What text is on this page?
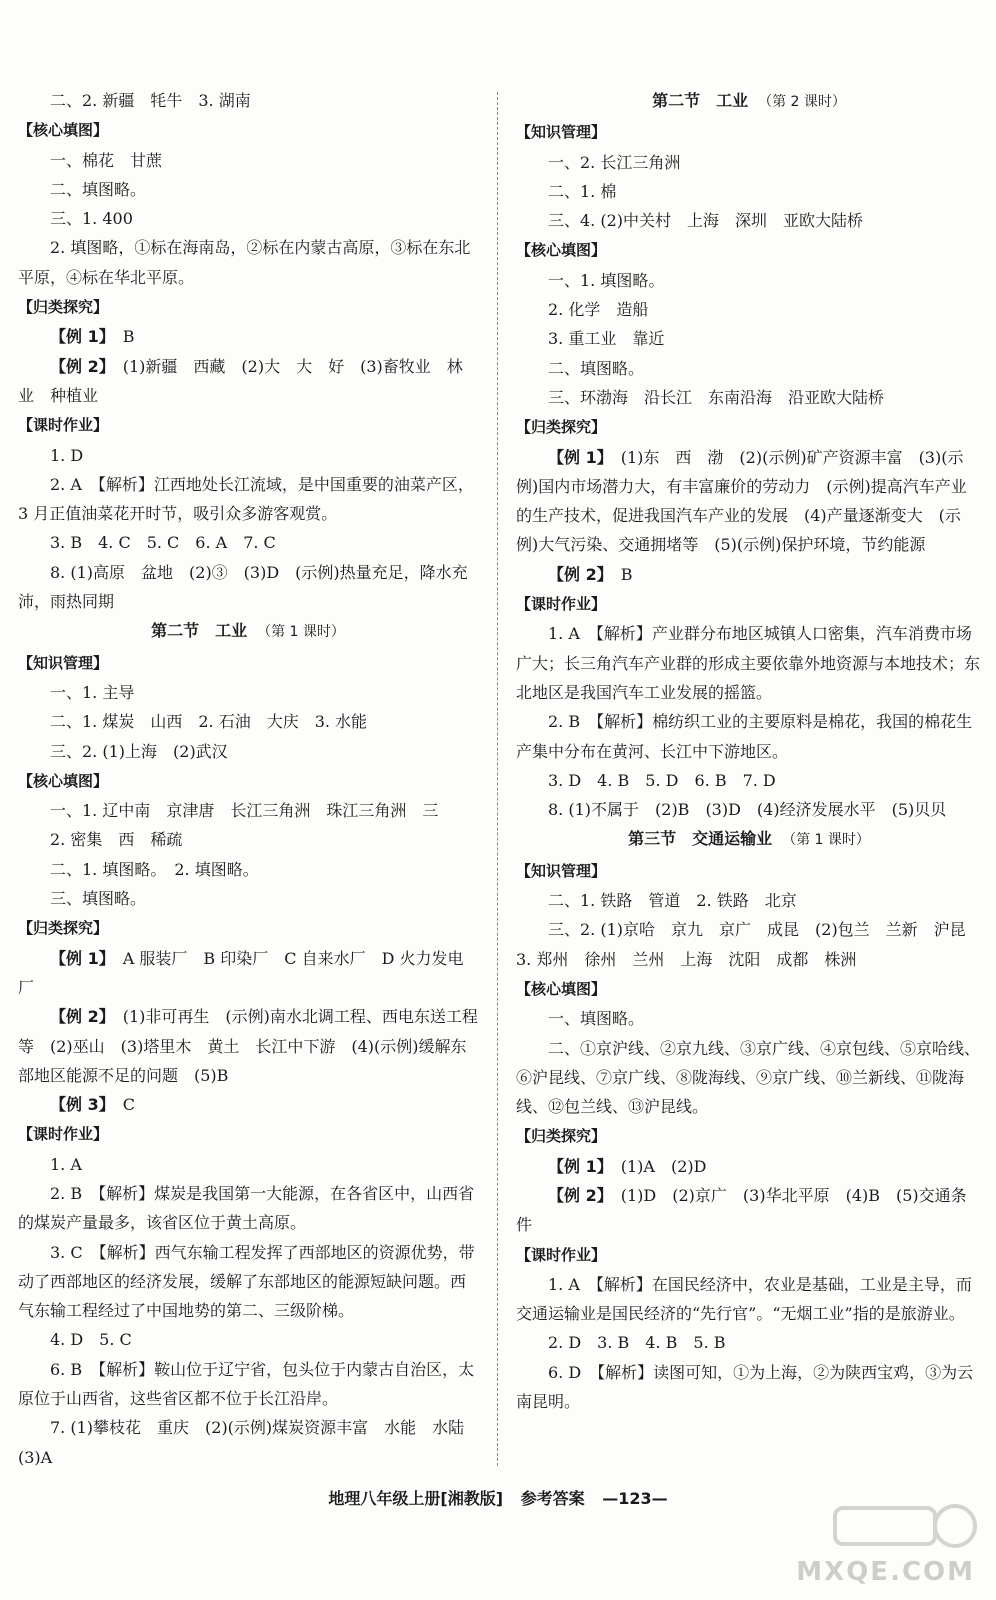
二、2. 新疆　牦牛　3. 湖南
【 核心填图 】
一、棉花　甘蔗
二、填图略。
三、1. 400
2. 填图略，①标在海南岛，②标在内蒙古高原，③标在东北平原，④标在华北平原。
【 归类探究 】
【 例 1 】　B
【 例 2 】　(1)新疆　西藏　(2)大　大　好　(3)畜牧业　林业　种植业
【 课时作业 】
1. D
2. A　【解析】江西地处长江流域，是中国重要的油菜产区，3 月正值油菜花开时节，吸引众多游客观赏。
3. B　4. C　5. C　6. A　7. C
8. (1)高原　盆地　(2)③　(3)D　(示例)热量充足，降水充沛，雨热同期
第二节　工业 （第 1 课时）
【 知识管理 】
一、1. 主导
二、1. 煤炭　山西　2. 石油　大庆　3. 水能
三、2. (1)上海　(2)武汉
【 核心填图 】
一、1. 辽中南　京津唐　长江三角洲　珠江三角洲　三
2. 密集　西　稀疏
二、1. 填图略。　2. 填图略。
三、填图略。
【 归类探究 】
【 例 1 】　A 服装厂　B 印染厂　C 自来水厂　D 火力发电厂
【 例 2 】　(1)非可再生　(示例)南水北调工程、西电东送工程等　(2)巫山　(3)塔里木　黄土　长江中下游　(4)(示例)缓解东部地区能源不足的问题　(5)B
【 例 3 】　C
【 课时作业 】
1. A
2. B　【解析】煤炭是我国第一大能源，在各省区中，山西省的煤炭产量最多，该省区位于黄土高原。
3. C　【解析】西气东输工程发挥了西部地区的资源优势，带动了西部地区的经济发展，缓解了东部地区的能源短缺问题。西气东输工程经过了中国地势的第二、三级阶梯。
4. D　5. C
6. B　【解析】鞍山位于辽宁省，包头位于内蒙古自治区，太原位于山西省，这些省区都不位于长江沿岸。
7. (1)攀枝花　重庆　(2)(示例)煤炭资源丰富　水能　水陆　(3)A
第二节　工业 （第 2 课时）
【 知识管理 】
一、2. 长江三角洲
二、1. 棉
三、4. (2)中关村　上海　深圳　亚欧大陆桥
【 核心填图 】
一、1. 填图略。
2. 化学　造船
3. 重工业　靠近
二、填图略。
三、环渤海　沿长江　东南沿海　沿亚欧大陆桥
【 归类探究 】
【 例 1 】　(1)东　西　渤　(2)(示例)矿产资源丰富　(3)(示例)国内市场潜力大，有丰富廉价的劳动力　(示例)提高汽车产业的生产技术，促进我国汽车产业的发展　(4)产量逐渐变大　(示例)大气污染、交通拥堵等　(5)(示例)保护环境，节约能源
【 例 2 】　B
【 课时作业 】
1. A　【解析】产业群分布地区城镇人口密集，汽车消费市场广大；长三角汽车产业群的形成主要依靠外地资源与本地技术；东北地区是我国汽车工业发展的摇篮。
2. B　【解析】棉纺织工业的主要原料是棉花，我国的棉花生产集中分布在黄河、长江中下游地区。
3. D　4. B　5. D　6. B　7. D
8. (1)不属于　(2)B　(3)D　(4)经济发展水平　(5)贝贝
第三节　交通运输业 （第 1 课时）
【 知识管理 】
二、1. 铁路　管道　2. 铁路　北京
三、2. (1)京哈　京九　京广　成昆　(2)包兰　兰新　沪昆　3. 郑州　徐州　兰州　上海　沈阳　成都　株洲
【 核心填图 】
一、填图略。
二、①京沪线、②京九线、③京广线、④京包线、⑤京哈线、⑥沪昆线、⑦京广线、⑧陇海线、⑨京广线、⑩兰新线、⑪陇海线、⑫包兰线、⑬沪昆线。
【 归类探究 】
【 例 1 】　(1)A　(2)D
【 例 2 】　(1)D　(2)京广　(3)华北平原　(4)B　(5)交通条件
【 课时作业 】
1. A　【解析】在国民经济中，农业是基础，工业是主导，而交通运输业是国民经济的“先行官”。“无烟工业”指的是旅游业。
2. D　3. B　4. B　5. B
6. D　【解析】读图可知，①为上海，②为陕西宝鸡，③为云南昆明。
地理八年级上册[湘教版] 参考答案 —123—
MXQE.COM
